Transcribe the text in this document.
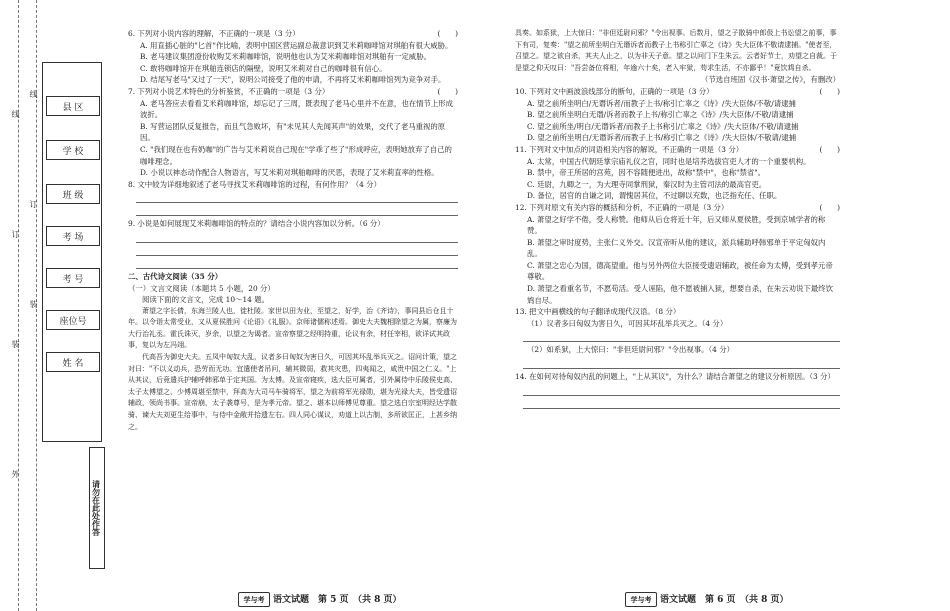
线
订
装
线
订
装
外
县 区
学 校
班 级
考 场
考 号
座位号
姓 名
请勿在此处作答

6. 下列对小说内容的理解，不正确的一项是（3 分）	(　　)

A. 用直插心脏的"匕首"作比喻，表明中国区营运副总裁意识到艾米莉咖啡馆对琪舶有很大威胁。

B. 老马建议集团澄份收购艾米莉咖啡馆，说明他也认为艾米莉咖啡馆对琪舶有一定威胁。

C. 敢将咖啡馆开在琪舶连锁店的隔壁，说明艾米莉对自己的咖啡很有信心。

D. 结尾写老马"又过了一天"，说明公司接受了他的申请，不再将艾米莉咖啡馆列为竞争对手。

7. 下列对小说艺术特色的分析鉴赏，不正确的一项是（3 分）	(　　)

A. 老马答应去看看艾米莉咖啡馆，却忘记了三周，既表现了老马心里并不在意，也在情节上形成波折。

B. 写营运团队反复报告，而且气急败坏，有"未见其人先闻其声"的效果，交代了老马重视的原因。

C. "我们现在也有奶咖"的广告与艾米莉说自己现在"学乖了些了"形成呼应，表明她放弃了自己的咖啡理念。

D. 小说以神态动作配合人物语言，写艾米莉对琪舶咖啡的厌恶，表现了艾米莉直率的性格。

8. 文中较为详细地叙述了老马寻找艾米莉咖啡馆的过程，有何作用？（4 分）

9. 小说是如何展现艾米莉咖啡馆的特点的？请结合小说内容加以分析。（6 分）

二、古代诗文阅读（35 分）

（一）文言文阅读（本题共 5 小题，20 分）

阅读下面的文言文，完成 10～14 题。

萧望之字长倩，东海兰陵人也，徙杜陵。家世以田为业，至望之，好学，治《齐诗》，事同县后仓且十年。以令诣太常受业，又从夏侯胜问《论语》《礼服》。京师诸儒称述焉。御史大夫魏相除望之为属，察廉为大行治礼丞。霍氏诛灭，岁余，以望之为谒者。宣帝察望之经明持重，论议有余，材任宰相，欲详试其政事，复以为左冯翊。

代高吾为御史大夫。五凤中匈奴大乱，议者多曰匈奴为害日久，可因其坏乱举兵灭之。诏问计策，望之对曰："不以义动兵，恐劳而无功。宜遣使者吊问，辅其微弱，救其灾患，四夷闻之，咸贵中国之仁义。"上从其议，后竟遣兵护辅呼韩邪单于定其国。为太傅。及宣帝寝疾，选大臣可属者，引外属侍中乐陵侯史高、太子太傅望之、少傅周堪至禁中，拜高为大司马车骑将军，望之为前将军光禄勋，堪为光禄大夫，皆受遗诏辅政，领尚书事。宣帝崩，太子袭尊号，是为孝元帝。望之、堪本以师傅见尊重。望之选白宗室明经达学散骑、谏大夫刘更生给事中，与侍中金敞并拾遗左右。四人同心谋议，劝道上以古制，多所欲匡正，上甚乡纳之。

具奏。如系狱，上大惊曰："非但廷尉问邪？"令出视事。后数月，望之子散骑中郎伋上书讼望之前事，事下有司，复奏："望之前所坐明白无谮诉者而教子上书称引亡辜之《诗》失大臣体不敬请逮捕。"使者至，召望之。望之欲自杀，其夫人止之，以为非天子意。望之以问门下生朱云。云者好节士，劝望之自裁。于是望之仰天叹曰："吾尝备位将相，年逾六十矣，老入牢狱，苟求生活，不亦鄙乎！"竟饮鸩自杀。

（节选自班固《汉书·萧望之传》，有删改）

10. 下列对文中画波浪线部分的断句，正确的一项是（3 分）	(　　)

A. 望之前所坐明白/无谮诉者/而教子上书/称引亡辜之《诗》/失大臣体/不敬/请逮捕

B. 望之前所坐明白无谮/诉者而教子上书/称引亡辜之《诗》/失大臣体/不敬/请逮捕

C. 望之前所坐/明白/无谮诉者/而教子上书称引/亡辜之《诗》/失大臣体/不敬/请逮捕

D. 望之前所坐明白/无谮诉者/而教子上书/称引亡辜之《诗》/失大臣体/不敬请/逮捕

11. 下列对文中加点的词语相关内容的解说，不正确的一项是（3 分）	(　　)

A. 太常，中国古代朝廷掌宗庙礼仪之官，同时也是培养选拔官吏人才的一个重要机构。

B. 禁中，帝王所居的宫苑，因不容随便进出，故称"禁中"，也称"禁省"。

C. 廷尉，九卿之一，为大理寺同掌刑狱，秦汉时为主管司法的最高官吏。

D. 备位，居官的自谦之词，谓愧居其位，不过聊以充数，也泛指充任、任职。

12. 下列对原文有关内容的概括和分析，不正确的一项是（3 分）	(　　)

A. 萧望之好学不倦，受人称赞。他师从后仓将近十年，后又师从夏侯胜，受到京城学者的称赞。

B. 萧望之审时度势，主张仁义外交。汉宣帝听从他的建议，派兵辅助呼韩邪单于平定匈奴内乱。

C. 萧望之忠心为国，德高望重。他与另外两位大臣接受遗诏辅政，被任命为太傅，受到孝元帝尊敬。

D. 萧望之看重名节，不愿苟活。受人诬陷，他不愿被捕入狱，想要自杀，在朱云劝说下最终饮鸩自尽。

13. 把文中画横线的句子翻译成现代汉语。（8 分）

（1）议者多曰匈奴为害日久，可因其坏乱举兵灭之。（4 分）

（2）如系狱，上大惊曰："非但廷尉问邪？"令出视事。（4 分）

14. 在如何对待匈奴内乱的问题上，"上从其议"，为什么？请结合萧望之的建议分析原因。（3 分）

学与考 语文试题　第 5 页　（共 8 页）	学与考 语文试题　第 6 页　（共 8 页）
